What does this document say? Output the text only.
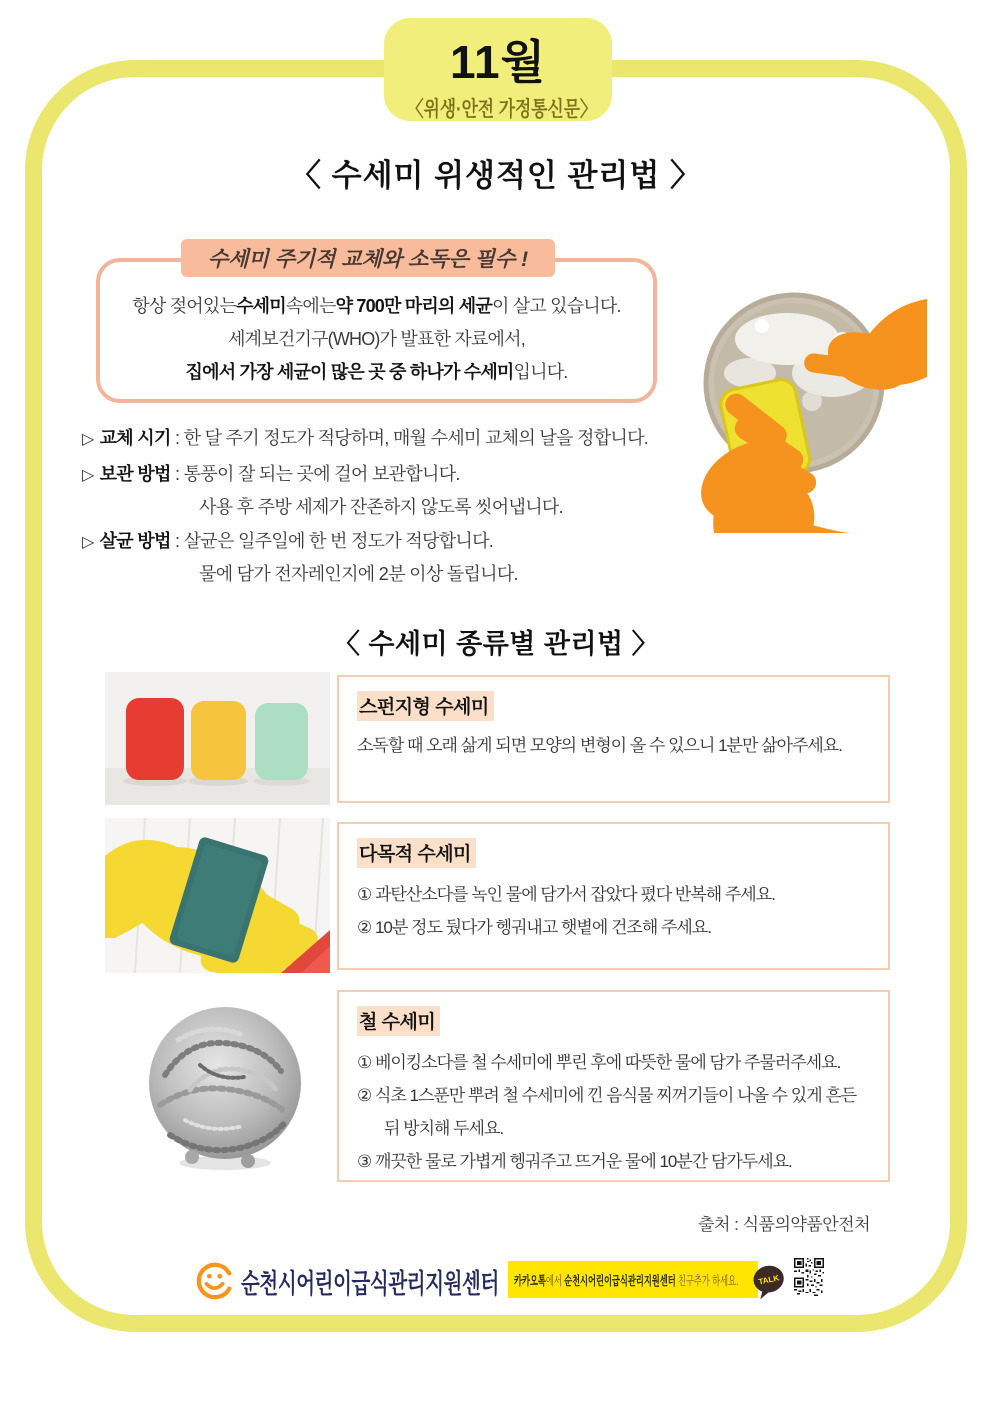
11월
〈위생·안전 가정통신문〉
〈 수세미 위생적인 관리법 〉
수세미 주기적 교체와 소독은 필수 !
항상 젖어있는 수세미 속에는 약 700만 마리의 세균 이 살고 있습니다.
세계보건기구(WHO)가 발표한 자료에서,
집에서 가장 세균이 많은 곳 중 하나가 수세미 입니다.
▷ 교체 시기 : 한 달 주기 정도가 적당하며, 매월 수세미 교체의 날을 정합니다.
▷ 보관 방법 : 통풍이 잘 되는 곳에 걸어 보관합니다.
사용 후 주방 세제가 잔존하지 않도록 씻어냅니다.
▷ 살균 방법 : 살균은 일주일에 한 번 정도가 적당합니다.
물에 담가 전자레인지에 2분 이상 돌립니다.
〈 수세미 종류별 관리법 〉
스펀지형 수세미
소독할 때 오래 삶게 되면 모양의 변형이 올 수 있으니 1분만 삶아주세요.
다목적 수세미
① 과탄산소다를 녹인 물에 담가서 잡았다 폈다 반복해 주세요.
② 10분 정도 뒀다가 헹궈내고 햇볕에 건조해 주세요.
철 수세미
① 베이킹소다를 철 수세미에 뿌린 후에 따뜻한 물에 담가 주물러주세요.
② 식초 1스푼만 뿌려 철 수세미에 낀 음식물 찌꺼기들이 나올 수 있게 흔든 뒤 방치해 두세요.
③ 깨끗한 물로 가볍게 헹궈주고 뜨거운 물에 10분간 담가두세요.
출처 : 식품의약품안전처
순천시어린이급식관리지원센터 카카오톡에서 순천시어린이급식관리지원센터 친구추가 하세요. TALK
